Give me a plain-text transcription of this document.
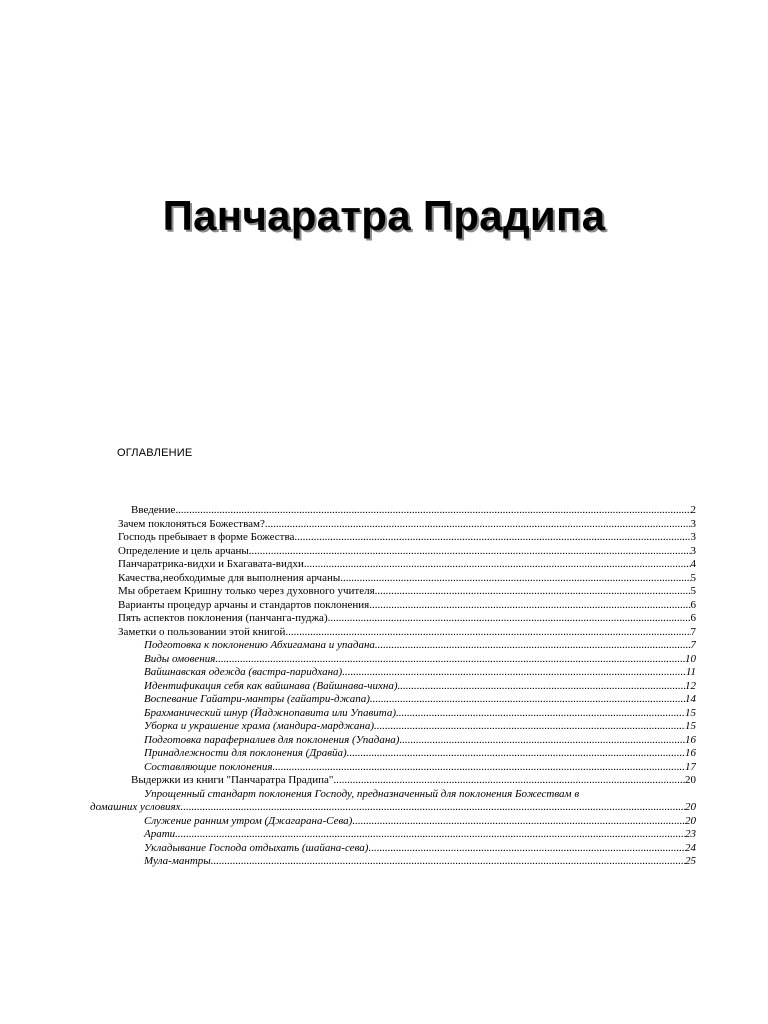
Панчаратра Прадипа
ОГЛАВЛЕНИЕ
Введение .....	2
Зачем поклоняться Божествам? .....	3
Господь пребывает в форме Божества .....	3
Определение и цель арчаны .....	3
Панчаратрика-видхи и Бхагавата-видхи .....	4
Качества,необходимые для выполнения арчаны .....	5
Мы обретаем Кришну только через духовного учителя .....	5
Варианты процедур арчаны и стандартов поклонения .....	6
Пять аспектов поклонения (панчанга-пуджа) .....	6
Заметки о пользовании этой книгой .....	7
Подготовка к поклонению Абхигамана и упадана .....	7
Виды омовения .....	10
Вайшнавская одежда (вастра-паридхана) .....	11
Идентификация себя как вайшнава (Вайшнава-чихна) .....	12
Воспевание Гайатри-мантры (гайатри-джапа) .....	14
Брахманический шнур (Йаджнопавита или Упавита) .....	15
Уборка и украшение храма (мандира-марджана) .....	15
Подготовка параферналиев для поклонения (Упадана) .....	16
Принадлежности для поклонения (Дравйа) .....	16
Составляющие поклонения .....	17
Выдержки из книги "Панчаратра Прадипа" .....	20
Упрощенный стандарт поклонения Господу, предназначенный для поклонения Божествам в
домашних условиях .....	20
Служение ранним утром (Джагарана-Сева) .....	20
Арати .....	23
Укладывание Господа отдыхать (шайана-сева) .....	24
Мула-мантры .....	25
